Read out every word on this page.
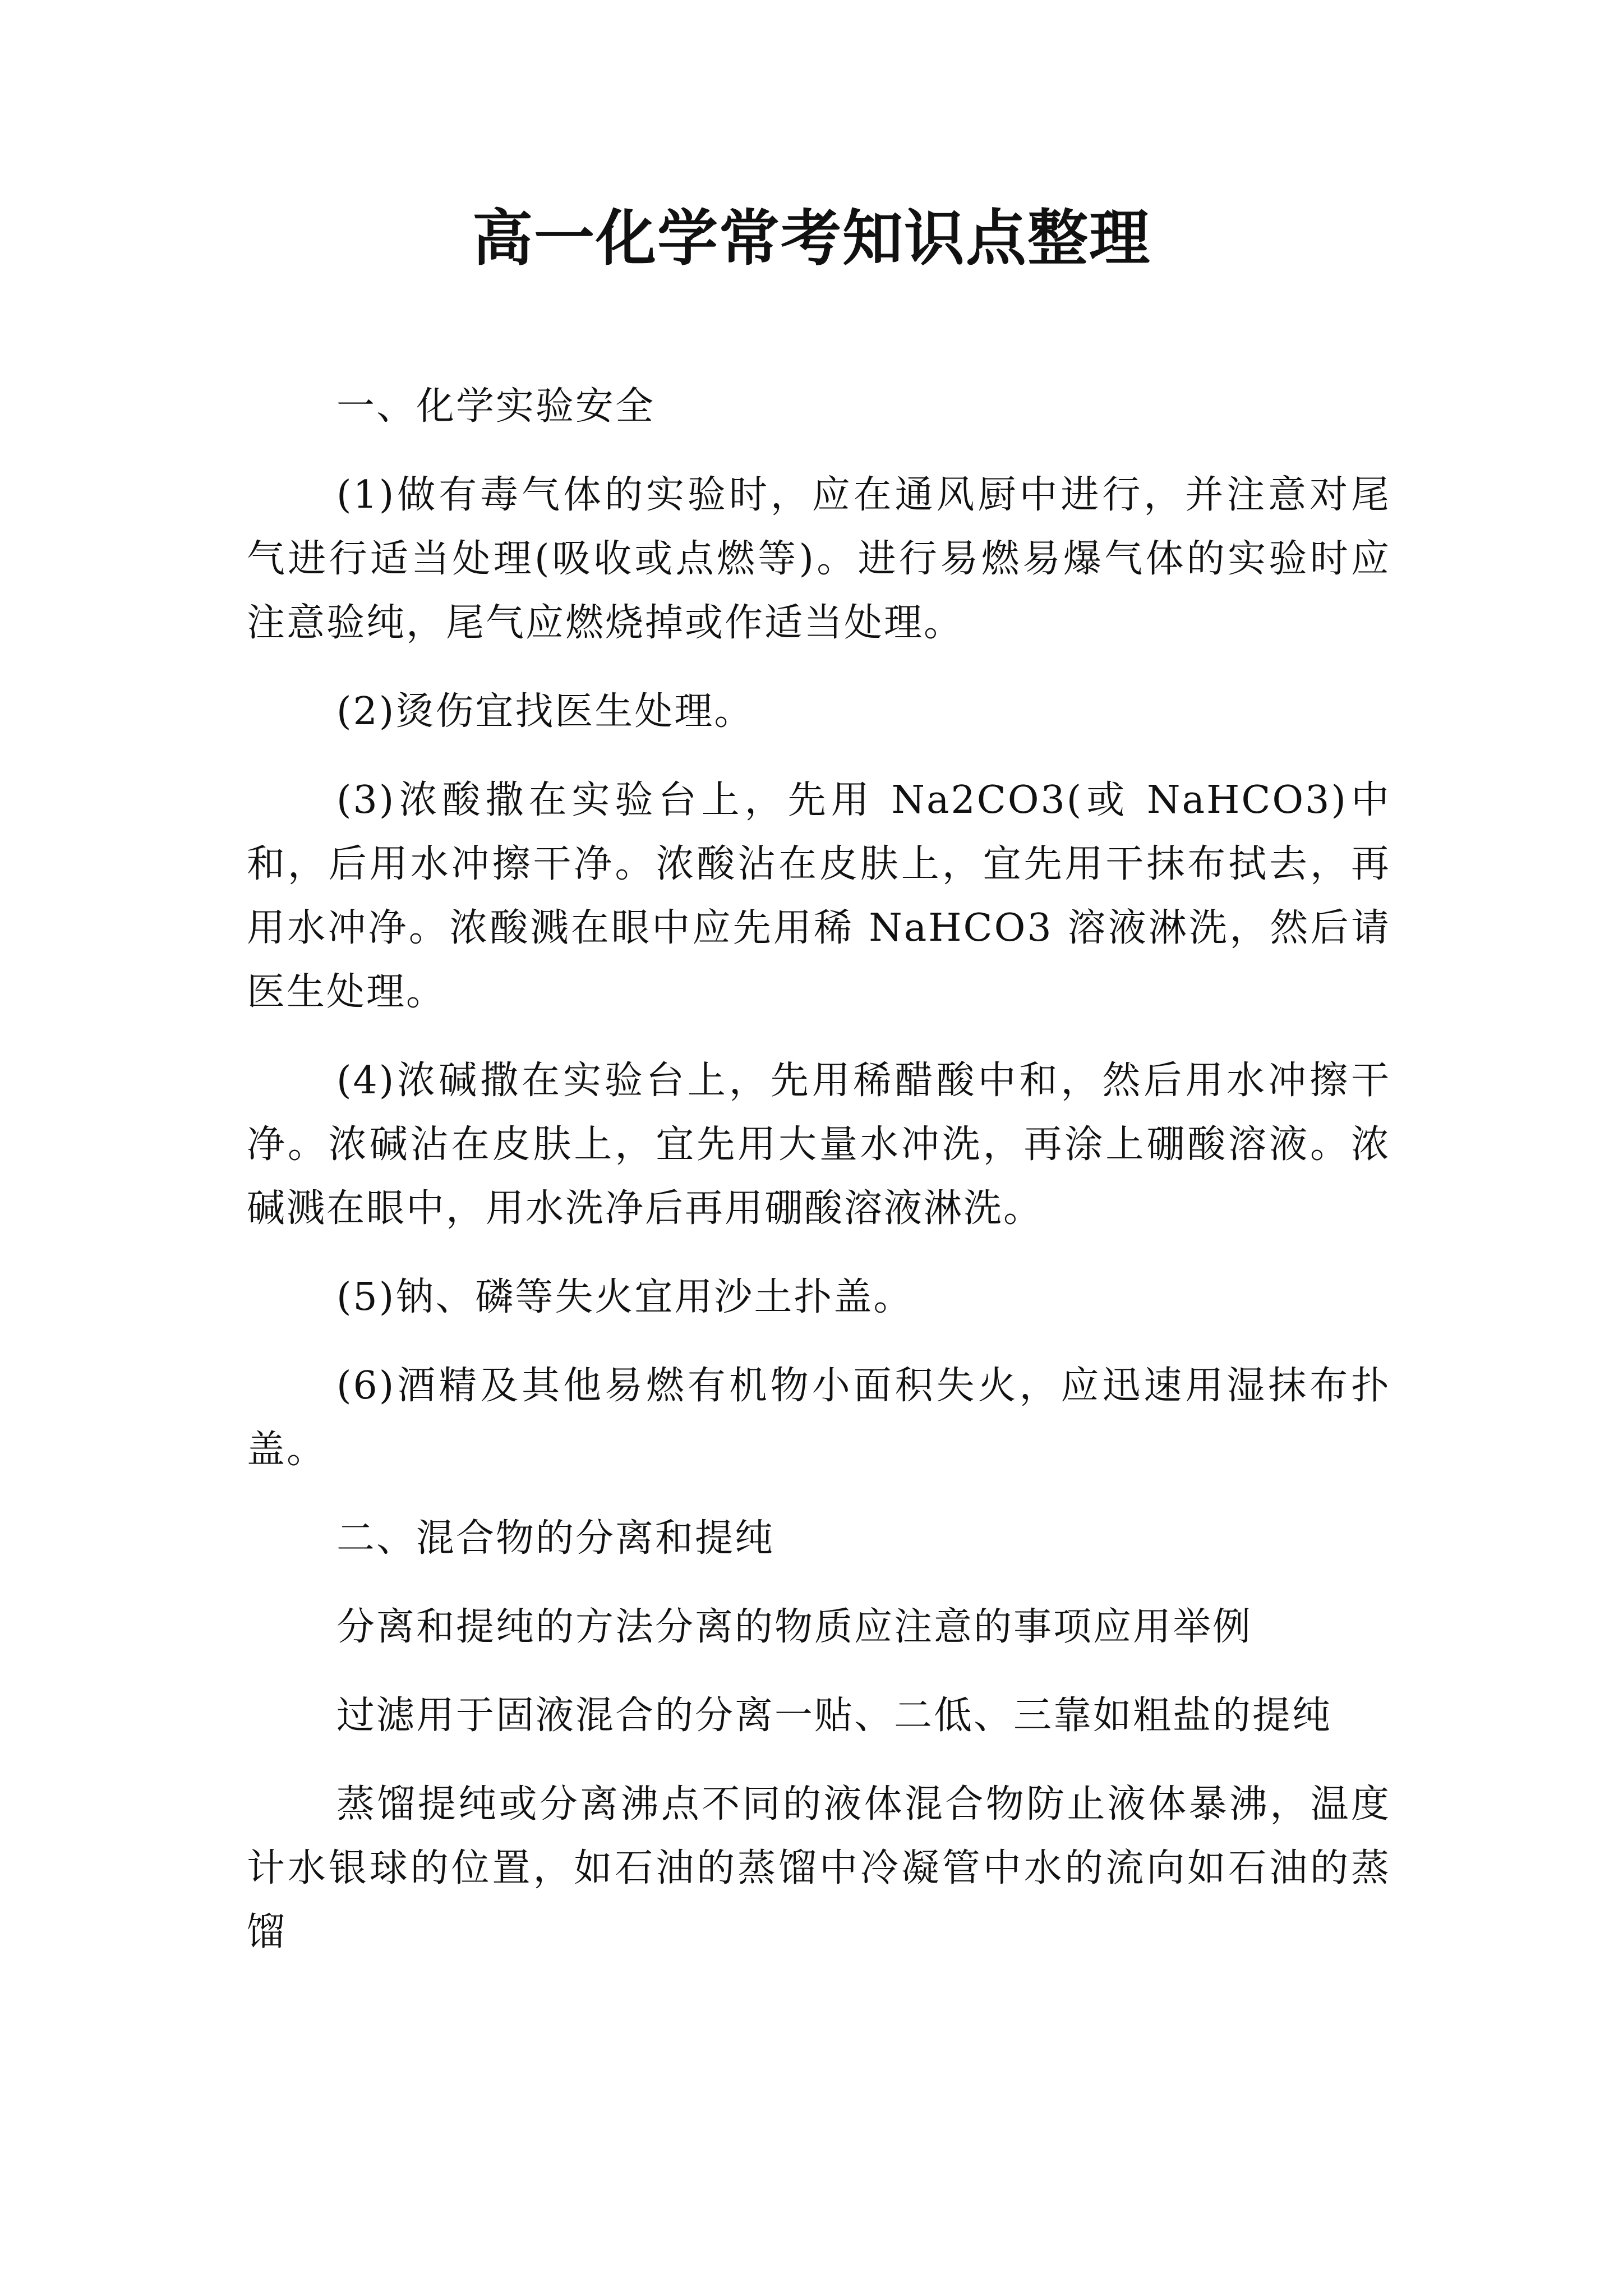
高一化学常考知识点整理

一、化学实验安全

(1)做有毒气体的实验时，应在通风厨中进行，并注意对尾气进行适当处理(吸收或点燃等)。进行易燃易爆气体的实验时应注意验纯，尾气应燃烧掉或作适当处理。

(2)烫伤宜找医生处理。

(3)浓酸撒在实验台上，先用 Na2CO3(或 NaHCO3)中和，后用水冲擦干净。浓酸沾在皮肤上，宜先用干抹布拭去，再用水冲净。浓酸溅在眼中应先用稀 NaHCO3 溶液淋洗，然后请医生处理。

(4)浓碱撒在实验台上，先用稀醋酸中和，然后用水冲擦干净。浓碱沾在皮肤上，宜先用大量水冲洗，再涂上硼酸溶液。浓碱溅在眼中，用水洗净后再用硼酸溶液淋洗。

(5)钠、磷等失火宜用沙土扑盖。

(6)酒精及其他易燃有机物小面积失火，应迅速用湿抹布扑盖。

二、混合物的分离和提纯

分离和提纯的方法分离的物质应注意的事项应用举例

过滤用于固液混合的分离一贴、二低、三靠如粗盐的提纯

蒸馏提纯或分离沸点不同的液体混合物防止液体暴沸，温度计水银球的位置，如石油的蒸馏中冷凝管中水的流向如石油的蒸馏
